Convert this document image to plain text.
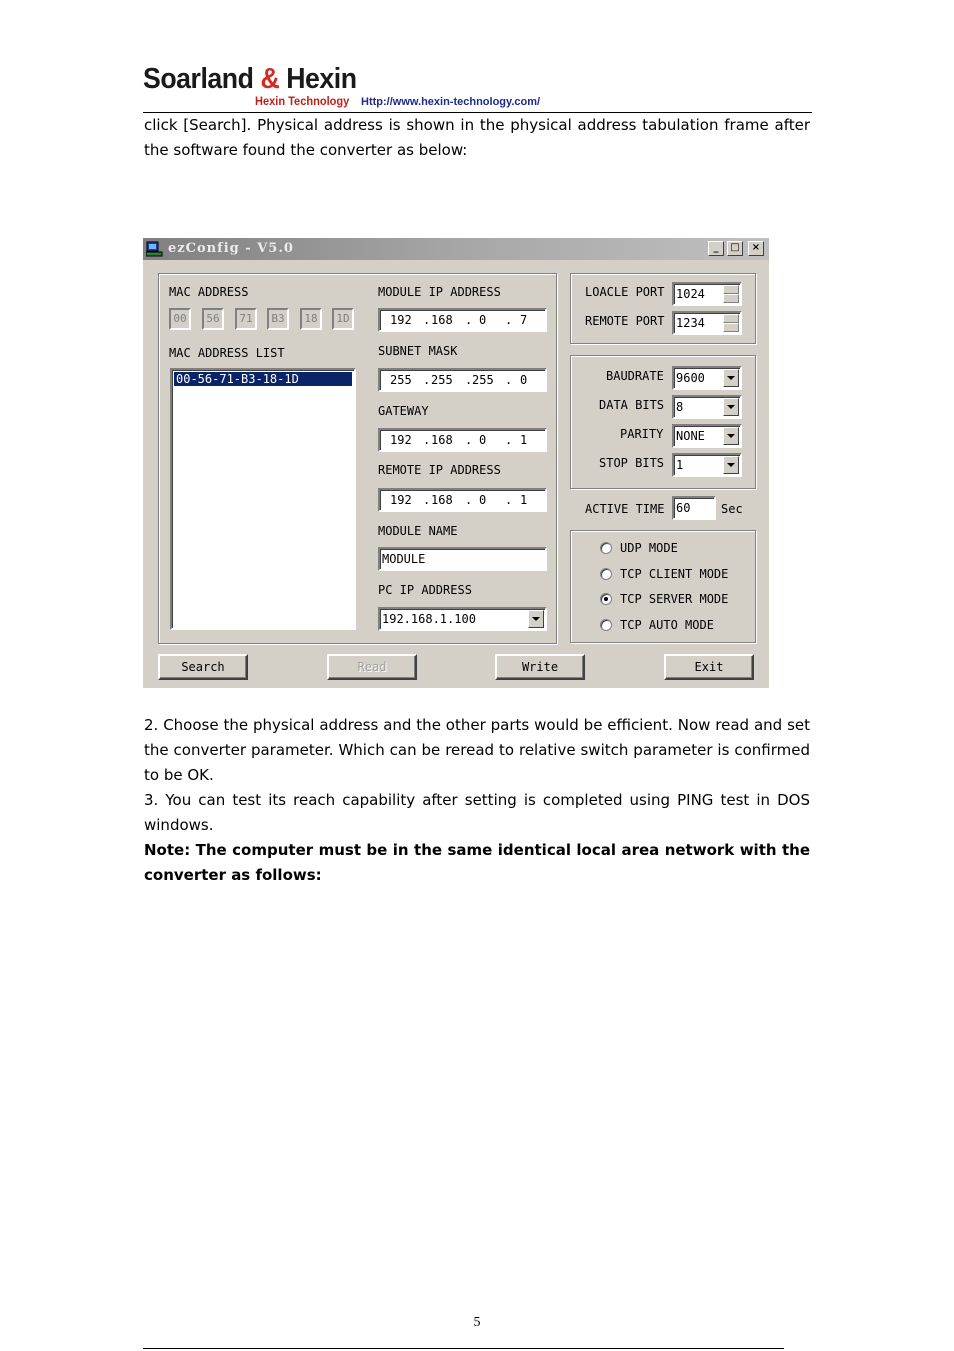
Soarland & Hexin
Hexin Technology Http://www.hexin-technology.com/
click [Search]. Physical address is shown in the physical address tabulation frame after the software found the converter as below:
ezConfig - V5.0	_	□	×
MAC ADDRESS
00	56	71	B3	18	1D
MAC ADDRESS LIST
00-56-71-B3-18-1D
MODULE IP ADDRESS
192 . 168 . 0 . 7
SUBNET MASK
255 . 255 . 255 . 0
GATEWAY
192 . 168 . 0 . 1
REMOTE IP ADDRESS
192 . 168 . 0 . 1
MODULE NAME
MODULE
PC IP ADDRESS
192.168.1.100
LOACLE PORT 1024
REMOTE PORT 1234
BAUDRATE 9600
DATA BITS 8
PARITY NONE
STOP BITS 1
ACTIVE TIME 60	Sec
UDP MODE
TCP CLIENT MODE
TCP SERVER MODE
TCP AUTO MODE
Search	Read	Write	Exit

2. Choose the physical address and the other parts would be efficient. Now read and set the converter parameter. Which can be reread to relative switch parameter is confirmed to be OK.

3. You can test its reach capability after setting is completed using PING test in DOS windows.

Note: The computer must be in the same identical local area network with the converter as follows:

5
